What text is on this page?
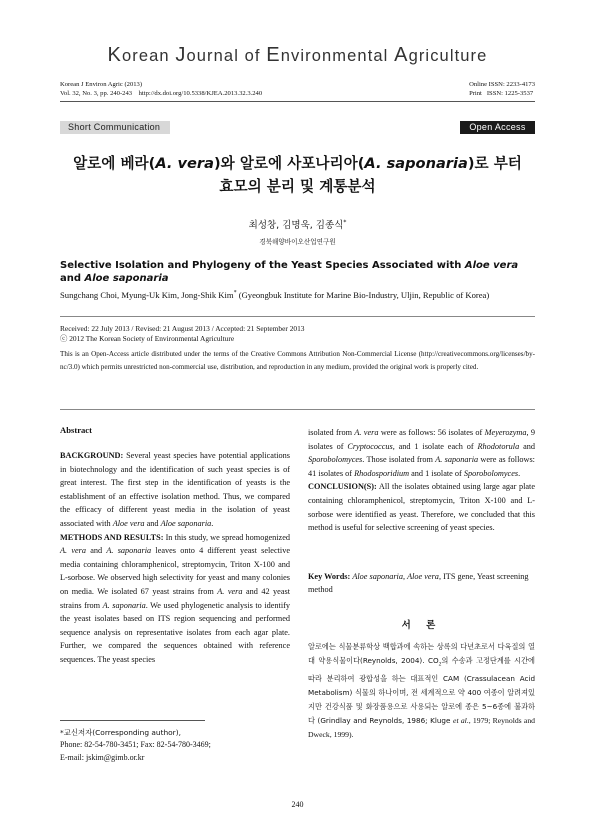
Korean Journal of Environmental Agriculture
Korean J Environ Agric (2013)
Vol. 32, No. 3, pp. 240-243    http://dx.doi.org/10.5338/KJEA.2013.32.3.240
Online ISSN: 2233-4173
Print   ISSN: 1225-3537
Short Communication	Open Access
알로에 베라(A. vera)와 알로에 사포나리아(A. saponaria)로 부터
효모의 분리 및 계통분석
최성창, 김명욱, 김종식*
경북해양바이오산업연구원
Selective Isolation and Phylogeny of the Yeast Species Associated with Aloe vera
and Aloe saponaria
Sungchang Choi, Myung-Uk Kim, Jong-Shik Kim* (Gyeongbuk Institute for Marine Bio-Industry, Uljin, Republic of Korea)
Received: 22 July 2013 / Revised: 21 August 2013 / Accepted: 21 September 2013
ⓒ 2012 The Korean Society of Environmental Agriculture
This is an Open-Access article distributed under the terms of the Creative Commons Attribution Non-Commercial License (http://creativecommons.org/licenses/by-nc/3.0) which permits unrestricted non-commercial use, distribution, and reproduction in any medium, provided the original work is properly cited.
Abstract

BACKGROUND: Several yeast species have potential applications in biotechnology and the identification of such yeast species is of great interest. The first step in the identification of yeasts is the establishment of an effective isolation method. Thus, we compared the efficacy of different yeast media in the isolation of yeast associated with Aloe vera and Aloe saponaria.

METHODS AND RESULTS: In this study, we spread homogenized A. vera and A. saponaria leaves onto 4 different yeast selective media containing chloramphenicol, streptomycin, Triton X-100 and L-sorbose. We observed high selectivity for yeast and many colonies on media. We isolated 67 yeast strains from A. vera and 42 yeast strains from A. saponaria. We used phylogenetic analysis to identify the yeast isolates based on ITS region sequencing and performed sequence analysis on representative isolates from each agar plate. Further, we compared the sequences obtained with reference sequences. The yeast species

isolated from A. vera were as follows: 56 isolates of Meyerozyma, 9 isolates of Cryptococcus, and 1 isolate each of Rhodotorula and Sporobolomyces. Those isolated from A. saponaria were as follows: 41 isolates of Rhodosporidium and 1 isolate of Sporobolomyces.

CONCLUSION(S): All the isolates obtained using large agar plate containing chloramphenicol, streptomycin, Triton X-100 and L-sorbose were identified as yeast. Therefore, we concluded that this method is useful for selective screening of yeast species.

Key Words: Aloe saponaria, Aloe vera, ITS gene, Yeast screening method
서 론
알로에는 식물분류학상 백합과에 속하는 상록의 다년초로서 다육질의 열대 약용식물이다(Reynolds, 2004). $CO_2$의 수송과 고정단계를 시간에 따라 분리하여 광합성을 하는 대표적인 CAM (Crassulacean Acid Metabolism) 식물의 하나이며, 전 세계적으로 약 400 여종이 알려져있지만 건강식품 및 화장품용으로 사용되는 알로에 종은 5~6종에 불과하다 (Grindlay and Reynolds, 1986; Kluge et al., 1979; Reynolds and Dweck, 1999).
*교신저자(Corresponding author),
Phone: 82-54-780-3451; Fax: 82-54-780-3469;
E-mail: jskim@gimb.or.kr
240
